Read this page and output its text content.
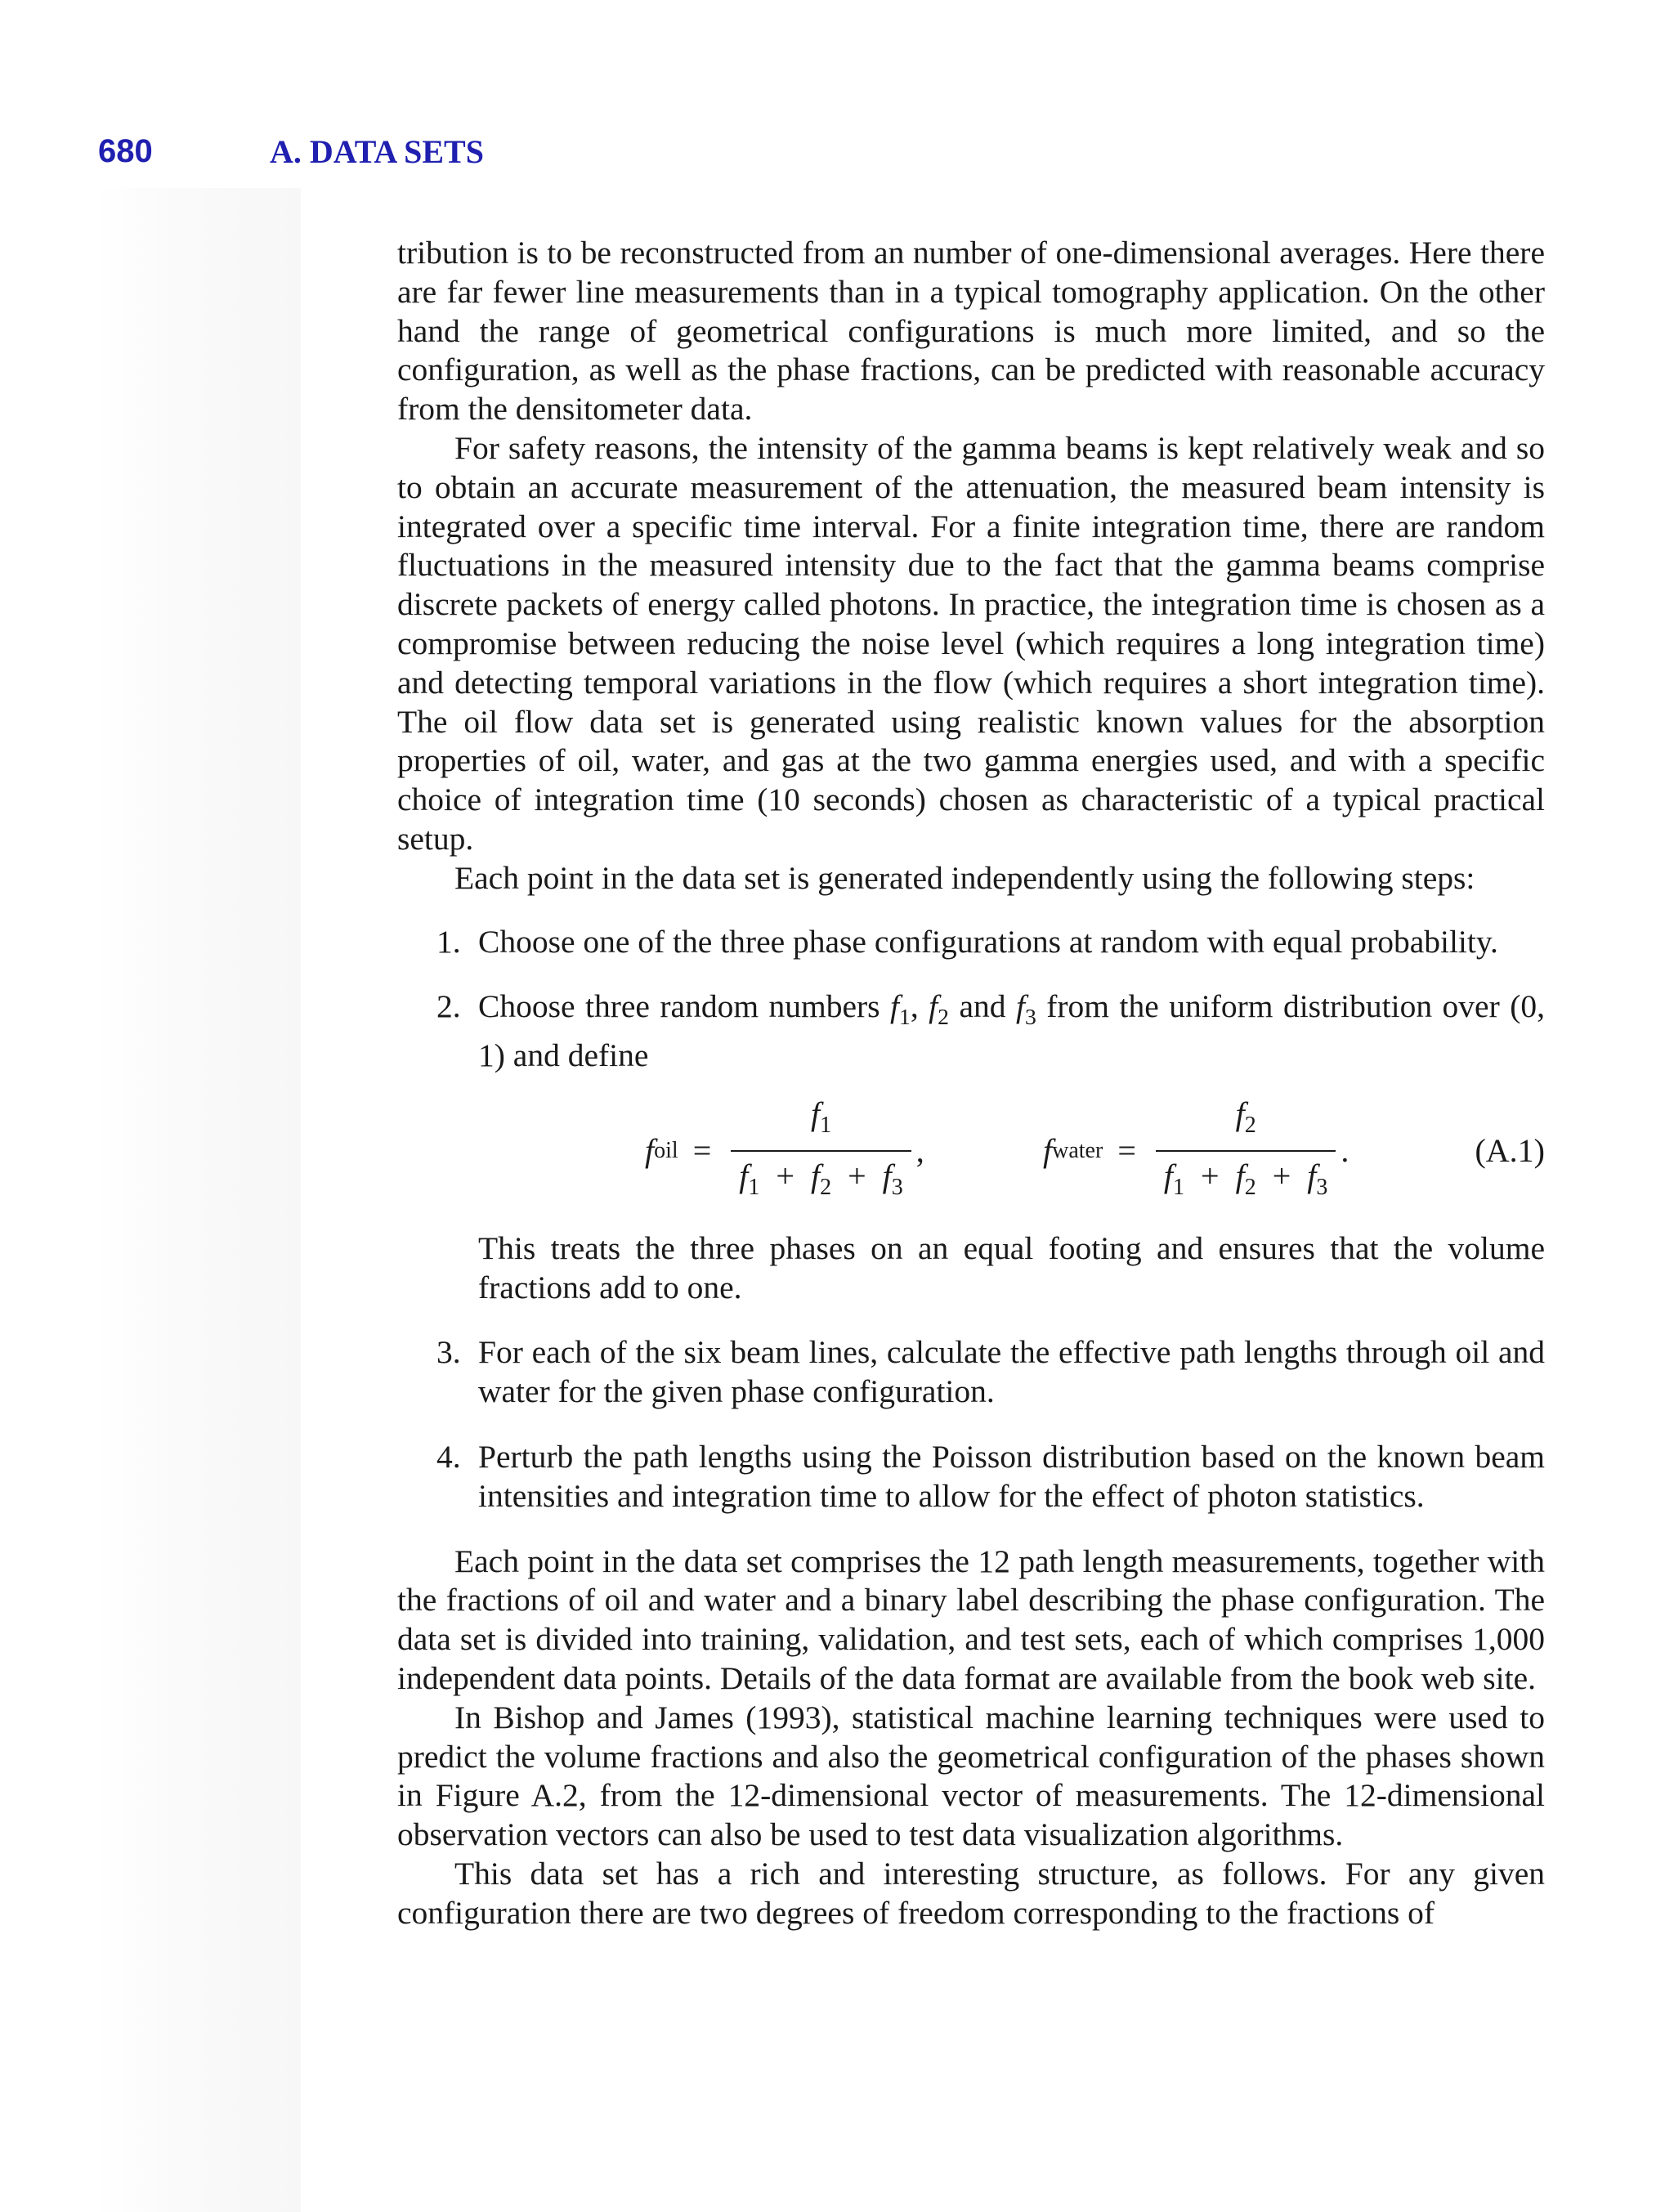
680	A. DATA SETS

tribution is to be reconstructed from an number of one-dimensional averages. Here there are far fewer line measurements than in a typical tomography application. On the other hand the range of geometrical configurations is much more limited, and so the configuration, as well as the phase fractions, can be predicted with reasonable accuracy from the densitometer data.

For safety reasons, the intensity of the gamma beams is kept relatively weak and so to obtain an accurate measurement of the attenuation, the measured beam intensity is integrated over a specific time interval. For a finite integration time, there are random fluctuations in the measured intensity due to the fact that the gamma beams comprise discrete packets of energy called photons. In practice, the integration time is chosen as a compromise between reducing the noise level (which requires a long integration time) and detecting temporal variations in the flow (which requires a short integration time). The oil flow data set is generated using realistic known values for the absorption properties of oil, water, and gas at the two gamma energies used, and with a specific choice of integration time (10 seconds) chosen as characteristic of a typical practical setup.

Each point in the data set is generated independently using the following steps:

1. Choose one of the three phase configurations at random with equal probability.

2. Choose three random numbers $f_1$, $f_2$ and $f_3$ from the uniform distribution over (0, 1) and define

f oil =
$f_1$
$f_1 + f_2 + f_3$
,	f water =
$f_2$
$f_1 + f_2 + f_3$
.	(A.1)

This treats the three phases on an equal footing and ensures that the volume fractions add to one.

3. For each of the six beam lines, calculate the effective path lengths through oil and water for the given phase configuration.

4. Perturb the path lengths using the Poisson distribution based on the known beam intensities and integration time to allow for the effect of photon statistics.

Each point in the data set comprises the 12 path length measurements, together with the fractions of oil and water and a binary label describing the phase configuration. The data set is divided into training, validation, and test sets, each of which comprises 1,000 independent data points. Details of the data format are available from the book web site.

In Bishop and James (1993), statistical machine learning techniques were used to predict the volume fractions and also the geometrical configuration of the phases shown in Figure A.2, from the 12-dimensional vector of measurements. The 12-dimensional observation vectors can also be used to test data visualization algorithms.

This data set has a rich and interesting structure, as follows. For any given configuration there are two degrees of freedom corresponding to the fractions of
